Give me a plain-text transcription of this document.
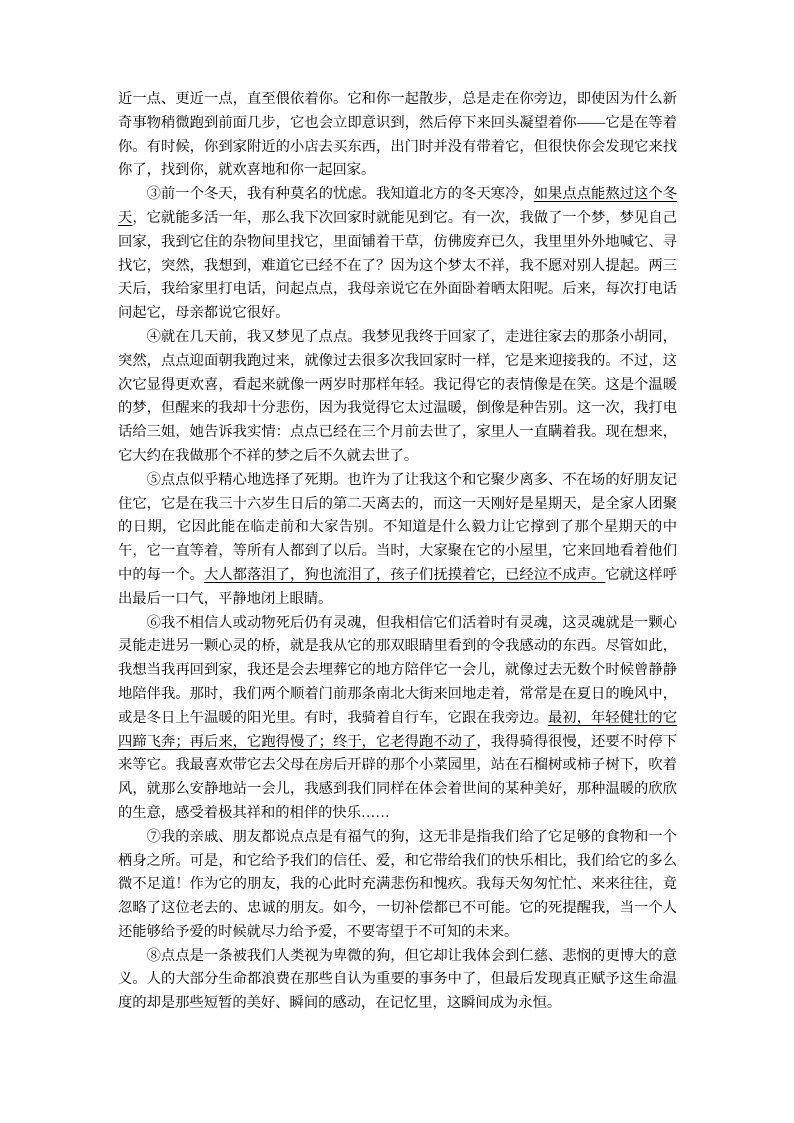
近一点、更近一点，直至偎依着你。它和你一起散步，总是走在你旁边，即使因为什么新奇事物稍微跑到前面几步，它也会立即意识到，然后停下来回头凝望着你——它是在等着你。有时候，你到家附近的小店去买东西，出门时并没有带着它，但很快你会发现它来找你了，找到你，就欢喜地和你一起回家。

③前一个冬天，我有种莫名的忧虑。我知道北方的冬天寒冷，如果点点能熬过这个冬天，它就能多活一年，那么我下次回家时就能见到它。有一次，我做了一个梦，梦见自己回家，我到它住的杂物间里找它，里面铺着干草，仿佛废弃已久，我里里外外地喊它、寻找它，突然，我想到，难道它已经不在了？因为这个梦太不祥，我不愿对别人提起。两三天后，我给家里打电话，问起点点，我母亲说它在外面卧着晒太阳呢。后来，每次打电话问起它，母亲都说它很好。

④就在几天前，我又梦见了点点。我梦见我终于回家了，走进往家去的那条小胡同，突然，点点迎面朝我跑过来，就像过去很多次我回家时一样，它是来迎接我的。不过，这次它显得更欢喜，看起来就像一两岁时那样年轻。我记得它的表情像是在笑。这是个温暖的梦，但醒来的我却十分悲伤，因为我觉得它太过温暖，倒像是种告别。这一次，我打电话给三姐，她告诉我实情：点点已经在三个月前去世了，家里人一直瞒着我。现在想来，它大约在我做那个不祥的梦之后不久就去世了。

⑤点点似乎精心地选择了死期。也许为了让我这个和它聚少离多、不在场的好朋友记住它，它是在我三十六岁生日后的第二天离去的，而这一天刚好是星期天，是全家人团聚的日期，它因此能在临走前和大家告别。不知道是什么毅力让它撑到了那个星期天的中午，它一直等着，等所有人都到了以后。当时，大家聚在它的小屋里，它来回地看着他们中的每一个。大人都落泪了，狗也流泪了，孩子们抚摸着它，已经泣不成声。它就这样呼出最后一口气，平静地闭上眼睛。

⑥我不相信人或动物死后仍有灵魂，但我相信它们活着时有灵魂，这灵魂就是一颗心灵能走进另一颗心灵的桥，就是我从它的那双眼睛里看到的令我感动的东西。尽管如此，我想当我再回到家，我还是会去埋葬它的地方陪伴它一会儿，就像过去无数个时候曾静静地陪伴我。那时，我们两个顺着门前那条南北大街来回地走着，常常是在夏日的晚风中，或是冬日上午温暖的阳光里。有时，我骑着自行车，它跟在我旁边。最初，年轻健壮的它四蹄飞奔；再后来，它跑得慢了；终于，它老得跑不动了，我得骑得很慢，还要不时停下来等它。我最喜欢带它去父母在房后开辟的那个小菜园里，站在石榴树或柿子树下，吹着风，就那么安静地站一会儿，我感到我们同样在体会着世间的某种美好，那种温暖的欣欣的生意，感受着极其祥和的相伴的快乐……

⑦我的亲戚、朋友都说点点是有福气的狗，这无非是指我们给了它足够的食物和一个栖身之所。可是，和它给予我们的信任、爱，和它带给我们的快乐相比，我们给它的多么微不足道！作为它的朋友，我的心此时充满悲伤和愧疚。我每天匆匆忙忙、来来往往，竟忽略了这位老去的、忠诚的朋友。如今，一切补偿都已不可能。它的死提醒我，当一个人还能够给予爱的时候就尽力给予爱，不要寄望于不可知的未来。

⑧点点是一条被我们人类视为卑微的狗，但它却让我体会到仁慈、悲悯的更博大的意义。人的大部分生命都浪费在那些自认为重要的事务中了，但最后发现真正赋予这生命温度的却是那些短暂的美好、瞬间的感动，在记忆里，这瞬间成为永恒。
